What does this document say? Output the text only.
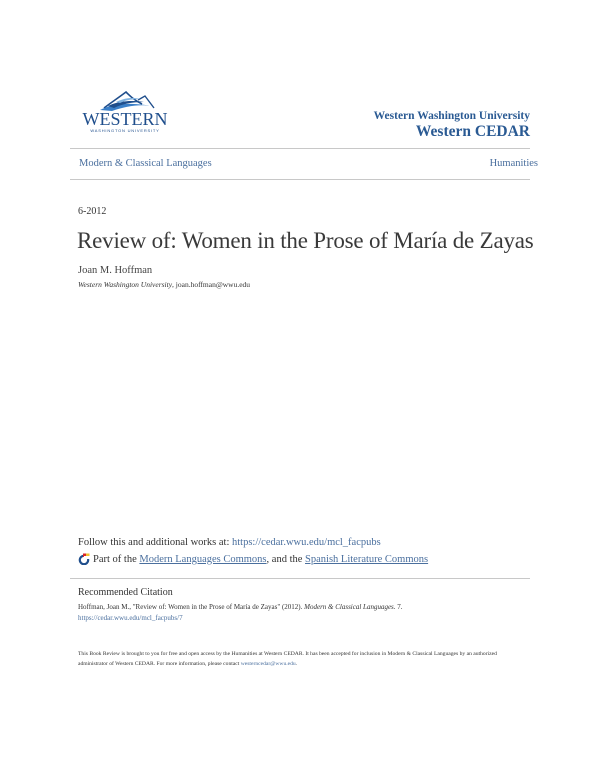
WESTERN
WASHINGTON UNIVERSITY
Western Washington University
Western CEDAR
Modern & Classical Languages	Humanities
6-2012
Review of: Women in the Prose of María de Zayas
Joan M. Hoffman
Western Washington University, joan.hoffman@wwu.edu
Follow this and additional works at: https://cedar.wwu.edu/mcl_facpubs
Part of the
Modern Languages Commons , and the
Spanish Literature Commons
Recommended Citation
Hoffman, Joan M., "Review of: Women in the Prose of María de Zayas" (2012). Modern & Classical Languages. 7.
https://cedar.wwu.edu/mcl_facpubs/7
This Book Review is brought to you for free and open access by the Humanities at Western CEDAR. It has been accepted for inclusion in Modern & Classical Languages by an authorized administrator of Western CEDAR. For more information, please contact westerncedar@wwu.edu.
